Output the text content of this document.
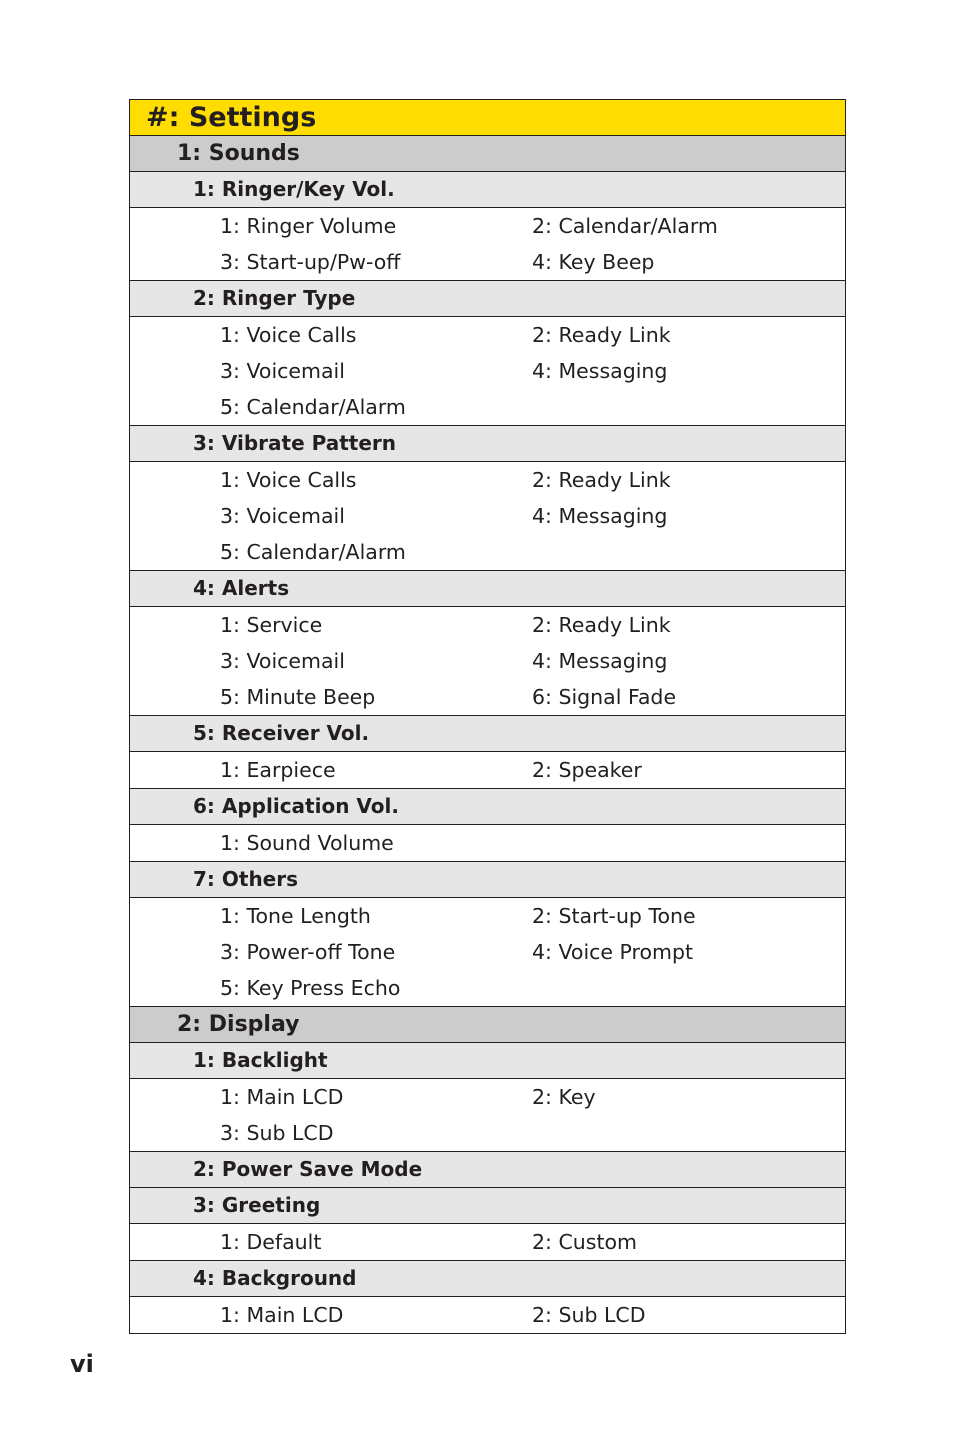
#: Settings
1: Sounds
1: Ringer/Key Vol.
1: Ringer Volume	2: Calendar/Alarm
3: Start-up/Pw-off	4: Key Beep
2: Ringer Type
1: Voice Calls	2: Ready Link
3: Voicemail	4: Messaging
5: Calendar/Alarm
3: Vibrate Pattern
1: Voice Calls	2: Ready Link
3: Voicemail	4: Messaging
5: Calendar/Alarm
4: Alerts
1: Service	2: Ready Link
3: Voicemail	4: Messaging
5: Minute Beep	6: Signal Fade
5: Receiver Vol.
1: Earpiece	2: Speaker
6: Application Vol.
1: Sound Volume
7: Others
1: Tone Length	2: Start-up Tone
3: Power-off Tone	4: Voice Prompt
5: Key Press Echo
2: Display
1: Backlight
1: Main LCD	2: Key
3: Sub LCD
2: Power Save Mode
3: Greeting
1: Default	2: Custom
4: Background
1: Main LCD	2: Sub LCD
vi
